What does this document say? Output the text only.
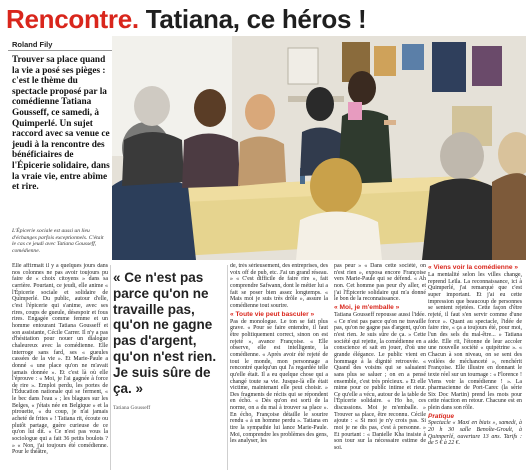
Rencontre. Tatiana, ce héros !
Roland Fily
Trouver sa place quand la vie a posé ses pièges : c'est le thème du spectacle proposé par la comédienne Tatiana Gousseff, ce samedi, à Quimperlé. Un sujet raccord avec sa venue ce jeudi à la rencontre des bénéficiaires de l'Épicerie solidaire, dans la vraie vie, entre abîme et rire.
L'Épicerie sociale est aussi un lieu d'échanges parfois exceptionnels. C'était le cas ce jeudi avec Tatiana Gousseff, comédienne.

Elle affirmait il y a quelques jours dans nos colonnes ne pas avoir toujours pu faire de « choix citoyens » dans sa carrière. Pourtant, ce jeudi, elle anime « l'Épicerie sociale et solidaire de Quimperlé. Du public, autour d'elle, c'est l'épicerie qui s'anime, avec ses rires, coups de gueule, désespoir et fous rires. Engagée comme femme et un homme entourant Tatiana Gousseff et son assistante, Cécile Carrer. Il n'y a pas d'hésitation pour nouer un dialogue chaleureux avec la comédienne. Elle interroge sans fard, ses « gueules cassées de la vie ». Et Marie-Paule a donné « une place qu'on ne m'avait jamais donnée ». Et c'est là où elle l'éprouve : « Moi, je l'ai gagnée à force de rire ». Emploi perdu, les portes de l'Éducation nationale qui se ferment, « le bec dans l'eau » ; les blagues sur les Belges, « j'étais née en Belgique » et la pirouette, « du coup, je n'ai jamais acheté de frites » ! Tatiana rit, écoute ou plutôt partage, guère curieuse de ce qu'on lui dit. « Ce n'est pas vous la sociologue qui a fait 36 petits boulots ? » « Non, j'ai toujours été comédienne. Pour le théâtre,

« Ce n'est pas parce qu'on ne travaille pas, qu'on ne gagne pas d'argent, qu'on n'est rien. Je suis sûre de ça. »
Tatiana Gousseff

de, très sérieusement, des entreprises, des voix off de pub, etc. J'ai un grand réseau. » « C'est difficile de faire rire », fait comprendre Safwann, dont le métier lui a fait se poser bien assez longtemps. « Mais moi je suis très drôle », assure la comédienne tout sourire.

« Toute vie peut basculer »

Pas de monologue. Le ton se fait plus grave. « Pour se faire entendre, il faut être politiquement correct, sinon on est rejeté », avance Françoise. « Elle observe, elle est intelligente, la comédienne. « Après avoir été rejeté de tout le monde, mon personnage a rencontré quelqu'un qui l'a regardée telle qu'elle était. Il a eu quelque chose qui a changé toute sa vie. Jusque-là elle était victime, maintenant elle peut choisir. » Des fragments de récits qui se répondent en écho. « Dès qu'on est sorti de la norme, on a du mal à trouver sa place ». En écho, Françoise détaille le sourire rendu « à un homme perdu ». Tatiana en tire la sympathie lui lance Marie-Paule. Moi, comprendre les problèmes des gens, les analyser, les

pas peur » « Dans cette société, on n'est rien », exposa encore Françoise vers Marie-Paule qui se défend. « Ah non. Cet homme pas peur d'y aller, et j'ai l'Épicerie solidaire qui m'a donné le bon de la reconnaissance.

« Moi, je m'emballe »

Tatiana Gousseff repousse aussi l'idée. « Ce n'est pas parce qu'on ne travaille pas, qu'on ne gagne pas d'argent, qu'on n'est rien. Je suis sûre de ça. » Cette société qui rejette, la comédienne en a conscience et sait en jouer, d'où une grande élégance. Le public vient en hommage à la dignité retrouvée. « Quand des voisins qui se saluaient sans plus se saluer ; on en a pensé ensemble, c'est très précieux. » Et elle mime pour ce public intime et rieur. Ce qu'elle a vécu, autour de la table de l'Épicerie solidaire. « Ho ho, ces discussions. Moi je m'emballe. » Trouver sa place, être reconnu. Cécile ajoute : « Si moi je n'y crois pas. Si moi je ne dis pas, c'est à personne. » Et pourtant : « Danielle Kha insiste à son tour sur la nécessaire estime de soi.

« Viens voir la comédienne »

La mentalité selon les villes change, reprend Leïla. La reconnaissance, ici à Quimperlé, j'ai remarqué que c'est super important. Et j'ai eu cette impression que beaucoup de personnes se sentent rejetées. Cette façon d'être rejeté, il faut s'en servir comme d'une force ». Quant au spectacle, l'idée de faire rire, « ça a toujours été, pour moi, l'un des sels du mal-être... » Tatiana aide. Elle rit, l'étonne de leur accoler une nouvelle société « quipétrine ». « Chacun à son niveau, on se sent des voilées de méchanceté », renchérit Françoise. Elle illustre en donnant le texte réel sur un tournage : « Florence ! Viens voir la comédienne ! ». La pharmacienne de Port-Carec (la série Six Doc Martin) prend les mots pour cette réaction en retour. Chacune est en plein dans son rôle.

Pratique

Spectacle « Maxi en biais », samedi, à 20 h 30 salle Benoîte-Groult, à Quimperlé, ouverture 13 ans. Tarifs : de 5 € à 22 €.
